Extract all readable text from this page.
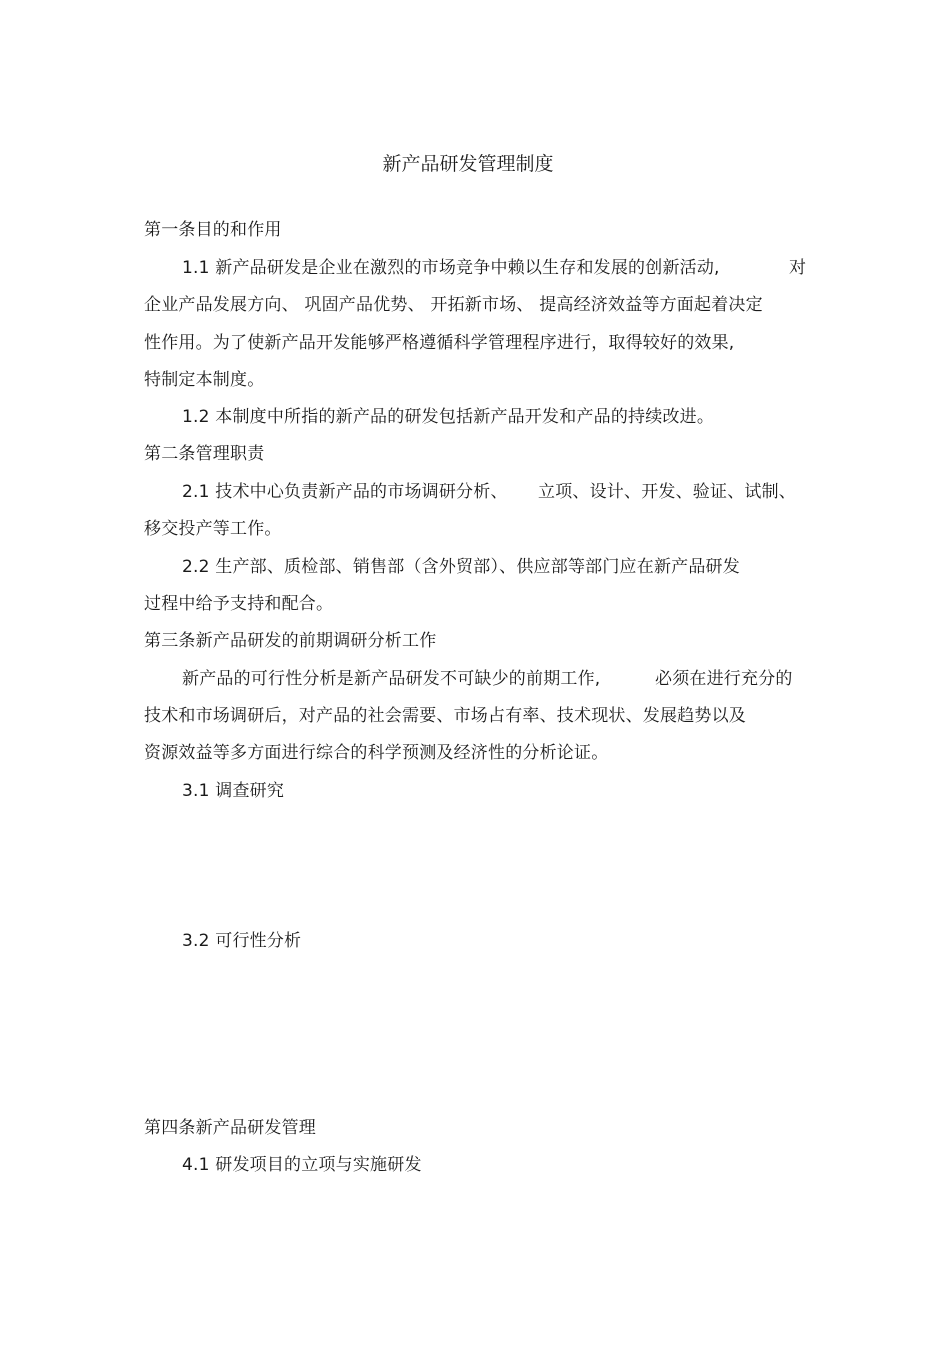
新产品研发管理制度
第一条目的和作用
1.1 新产品研发是企业在激烈的市场竞争中赖以生存和发展的创新活动,	对
企业产品发展方向、 巩固产品优势、 开拓新市场、 提高经济效益等方面起着决定
性作用。为了使新产品开发能够严格遵循科学管理程序进行，取得较好的效果,
特制定本制度。
1.2 本制度中所指的新产品的研发包括新产品开发和产品的持续改进。
第二条管理职责
2.1 技术中心负责新产品的市场调研分析、 立项、设计、开发、验证、试制、
移交投产等工作。
2.2 生产部、质检部、销售部（含外贸部）、供应部等部门应在新产品研发
过程中给予支持和配合。
第三条新产品研发的前期调研分析工作
新产品的可行性分析是新产品研发不可缺少的前期工作,	必须在进行充分的
技术和市场调研后，对产品的社会需要、市场占有率、技术现状、发展趋势以及
资源效益等多方面进行综合的科学预测及经济性的分析论证。
3.1 调查研究
3.2 可行性分析
第四条新产品研发管理
4.1 研发项目的立项与实施研发
